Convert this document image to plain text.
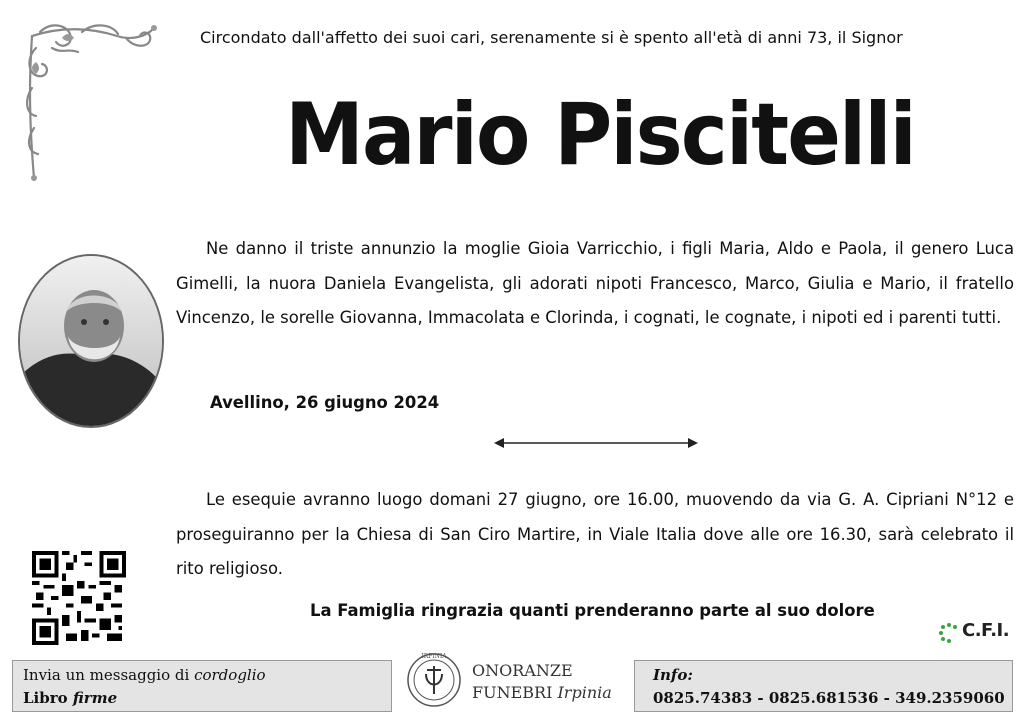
Circondato dall'affetto dei suoi cari, serenamente si è spento all'età di anni 73, il Signor
Mario Piscitelli
Ne danno il triste annunzio la moglie Gioia Varricchio, i figli Maria, Aldo e Paola, il genero Luca Gimelli, la nuora Daniela Evangelista, gli adorati nipoti Francesco, Marco, Giulia e Mario, il fratello Vincenzo, le sorelle Giovanna, Immacolata e Clorinda, i cognati, le cognate, i nipoti ed i parenti tutti.
Avellino, 26 giugno 2024
Le esequie avranno luogo domani 27 giugno, ore 16.00, muovendo da via G. A. Cipriani N°12 e proseguiranno per la Chiesa di San Ciro Martire, in Viale Italia dove alle ore 16.30, sarà celebrato il rito religioso.
La Famiglia ringrazia quanti prenderanno parte al suo dolore
C.F.I.
Invia un messaggio di cordoglio
Libro firme
IRPINIA
ONORANZE
FUNEBRI Irpinia
Info:
0825.74383 - 0825.681536 - 349.2359060
